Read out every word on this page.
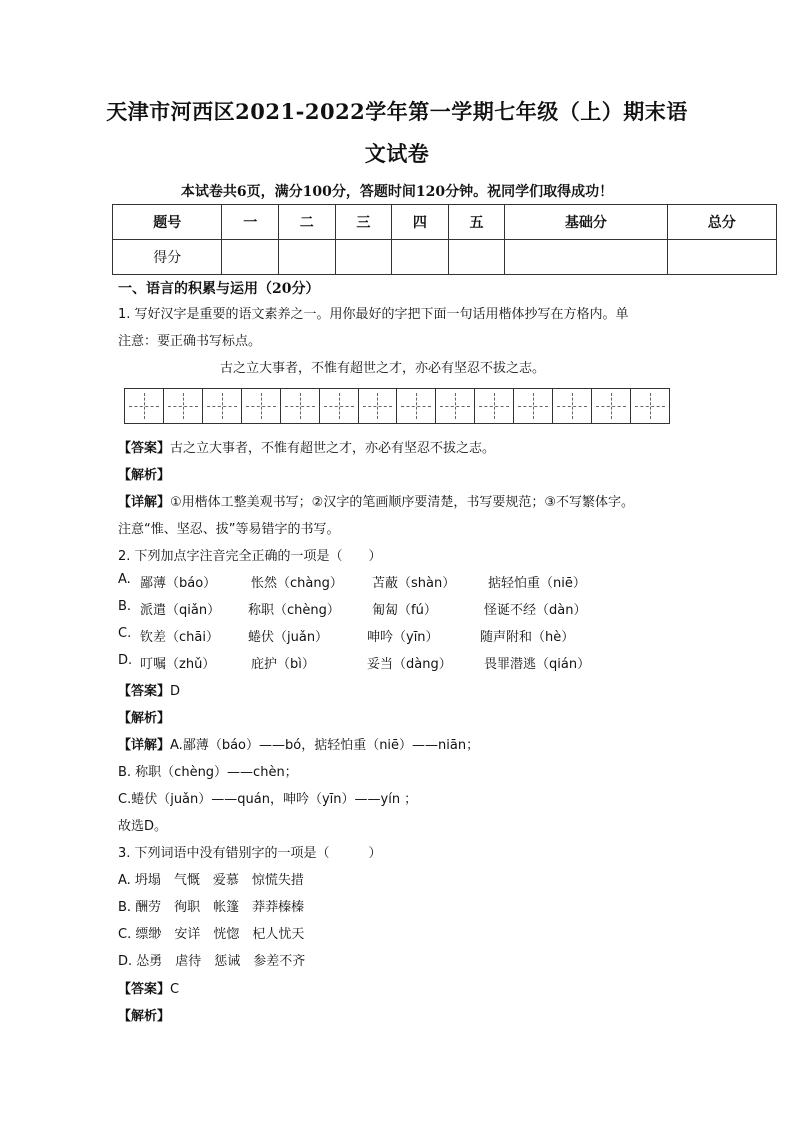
天津市河西区2021-2022学年第一学期七年级（上）期末语
文试卷
本试卷共6页，满分100分，答题时间120分钟。祝同学们取得成功！
题号	一	二	三	四	五	基础分	总分
得分							
一、语言的积累与运用（20分）
1. 写好汉字是重要的语文素养之一。用你最好的字把下面一句话用楷体抄写在方格内。单
注意：要正确书写标点。
古之立大事者，不惟有超世之才，亦必有坚忍不拔之志。
【答案】古之立大事者，不惟有超世之才，亦必有坚忍不拔之志。
【解析】
【详解】①用楷体工整美观书写；②汉字的笔画顺序要清楚，书写要规范；③不写繁体字。
注意“惟、坚忍、拔”等易错字的书写。
2. 下列加点字注音完全正确的一项是（　　）
A. 鄙薄（báo）	怅然（chàng） 苫蔽（shàn）	掂轻怕重（niē）
B. 派遣（qiǎn） 称职（chèng） 匍匐（fú）	怪诞不经（dàn）
C. 钦差（chāi） 蜷伏（juǎn）	呻吟（yīn）	随声附和（hè）
D. 叮嘱（zhǔ）	庇护（bì）	妥当（dàng） 畏罪潜逃（qián）
【答案】D
【解析】
【详解】A.鄙薄（báo）——bó，掂轻怕重（niē）——niān；
B. 称职（chèng）——chèn；
C.蜷伏（juǎn）——quán，呻吟（yīn）——yín ；
故选D。
3. 下列词语中没有错别字的一项是（　　　）
A. 坍塌　气慨　爱慕　惊慌失措
B. 酬劳　徇职　帐篷　莽莽榛榛
C. 缥缈　安详　恍惚　杞人忧天
D. 怂勇　虐待　惩诫　参差不齐
【答案】C
【解析】
